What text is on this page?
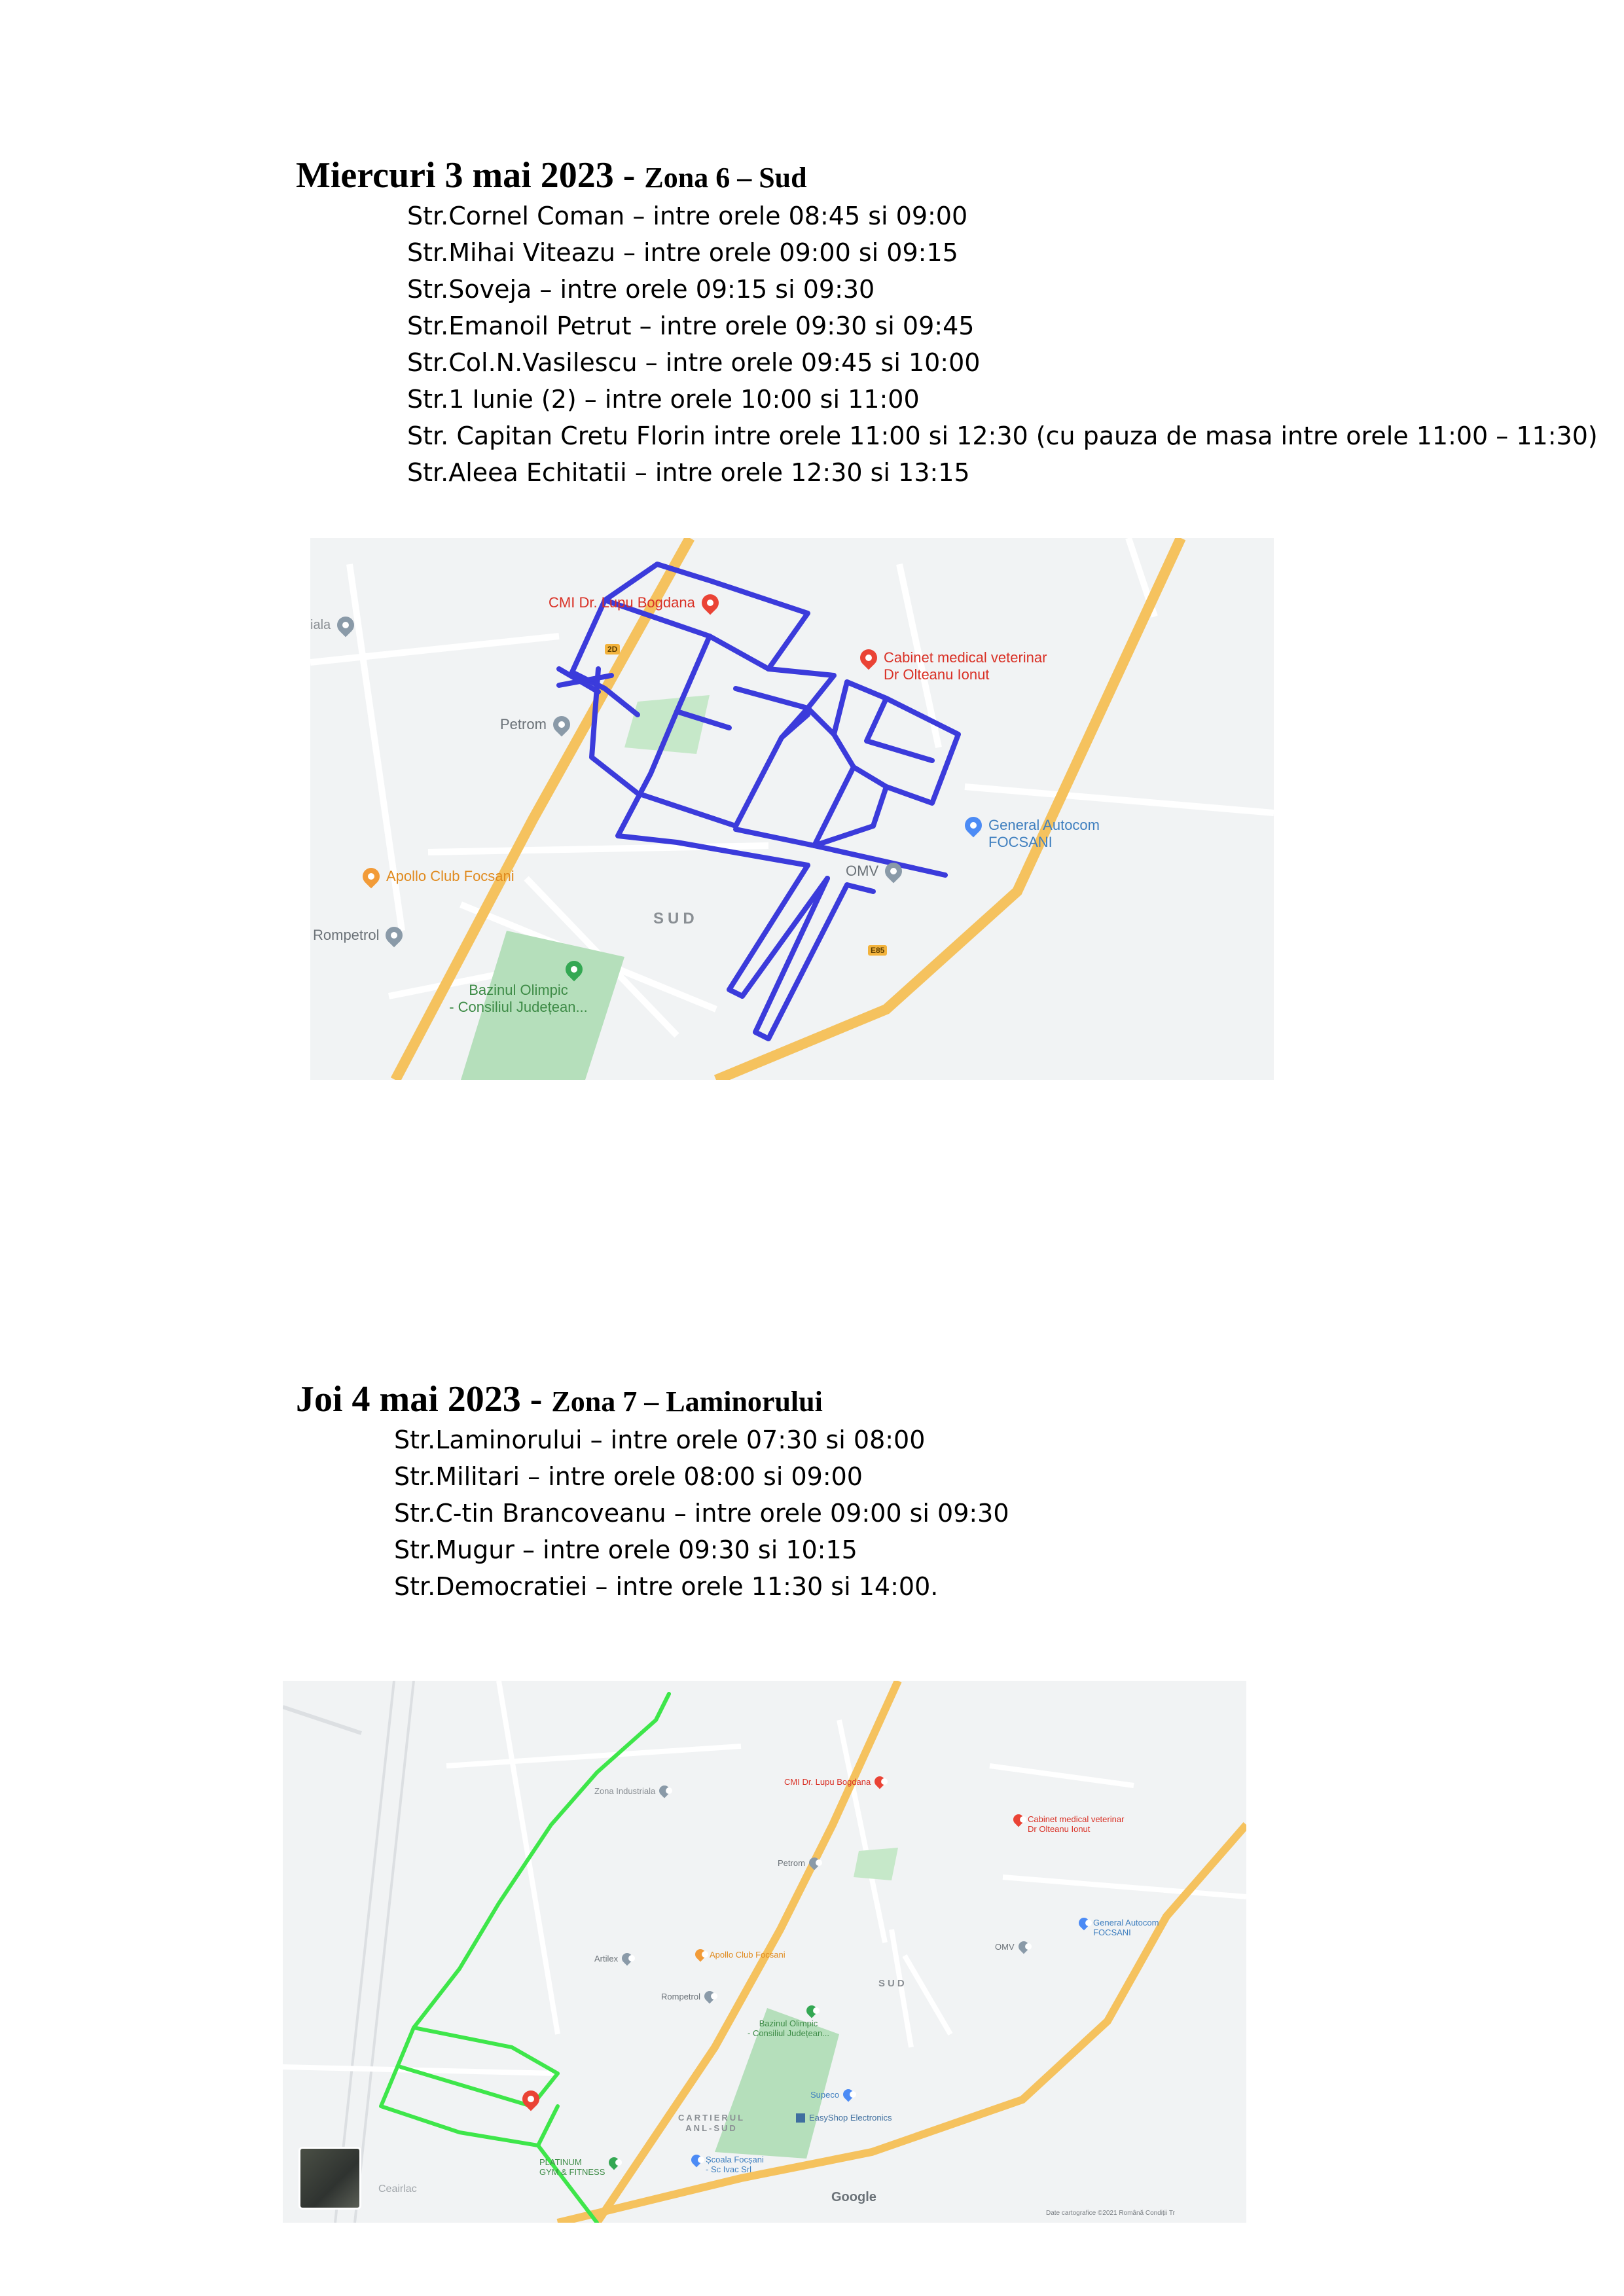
Miercuri 3 mai 2023 - Zona 6 – Sud
Str.Cornel Coman – intre orele 08:45 si 09:00
Str.Mihai Viteazu – intre orele 09:00 si 09:15
Str.Soveja – intre orele 09:15 si 09:30
Str.Emanoil Petrut – intre orele 09:30 si 09:45
Str.Col.N.Vasilescu – intre orele 09:45 si 10:00
Str.1 Iunie (2) – intre orele 10:00 si 11:00
Str. Capitan Cretu Florin intre orele 11:00 si 12:30 (cu pauza de masa intre orele 11:00 – 11:30)
Str.Aleea Echitatii – intre orele 12:30 si 13:15
2D
E85
iala
CMI Dr. Lupu Bogdana
Cabinet medical veterinar
Dr Olteanu Ionut
Petrom
General Autocom
FOCSANI
Apollo Club Focsani	OMV
Rompetrol
SUD
Bazinul Olimpic
- Consiliul Județean...
Joi 4 mai 2023 - Zona 7 – Laminorului
Str.Laminorului – intre orele 07:30 si 08:00
Str.Militari – intre orele 08:00 si 09:00
Str.C-tin Brancoveanu – intre orele 09:00 si 09:30
Str.Mugur – intre orele 09:30 si 10:15
Str.Democratiei – intre orele 11:30 si 14:00.
Zona Industriala
CMI Dr. Lupu Bogdana
Cabinet medical veterinar
Dr Olteanu Ionut
Petrom
General Autocom
FOCSANI
Apollo Club Focsani
Artilex
OMV
Rompetrol
SUD
Bazinul Olimpic
- Consiliul Județean...
Supeco
EasyShop Electronics
CARTIERUL
ANL-SUD
Școala Focșani
- Sc Ivac Srl
PLATINUM
GYM & FITNESS
Ceairlac
Google
Date cartografice ©2021 Română Condiții Tr
